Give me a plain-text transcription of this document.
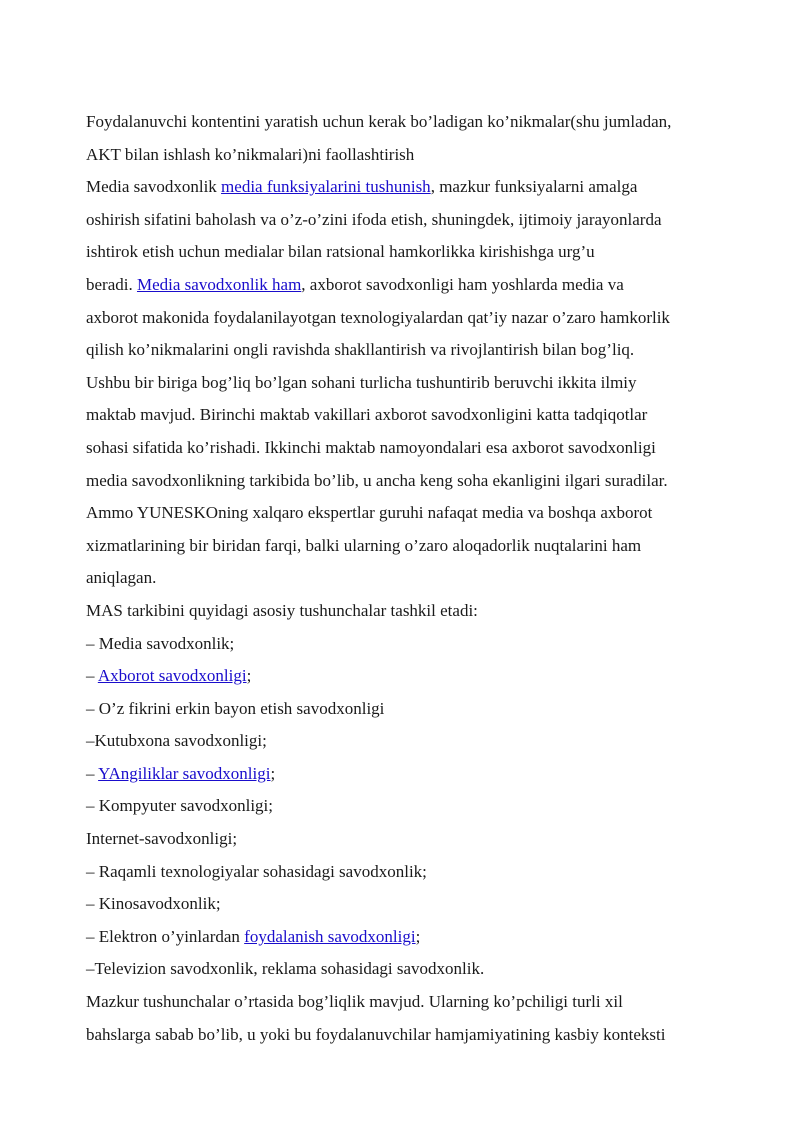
Foydalanuvchi kontentini yaratish uchun kerak bo’ladigan ko’nikmalar(shu jumladan,
AKT bilan ishlash ko’nikmalari)ni faollashtirish
Media savodxonlik media funksiyalarini tushunish, mazkur funksiyalarni amalga
oshirish sifatini baholash va o’z-o’zini ifoda etish, shuningdek, ijtimoiy jarayonlarda
ishtirok etish uchun medialar bilan ratsional hamkorlikka kirishishga urg’u
beradi. Media savodxonlik ham, axborot savodxonligi ham yoshlarda media va
axborot makonida foydalanilayotgan texnologiyalardan qat’iy nazar o’zaro hamkorlik
qilish ko’nikmalarini ongli ravishda shakllantirish va rivojlantirish bilan bog’liq.
Ushbu bir biriga bog’liq bo’lgan sohani turlicha tushuntirib beruvchi ikkita ilmiy
maktab mavjud. Birinchi maktab vakillari axborot savodxonligini katta tadqiqotlar
sohasi sifatida ko’rishadi. Ikkinchi maktab namoyondalari esa axborot savodxonligi
media savodxonlikning tarkibida bo’lib, u ancha keng soha ekanligini ilgari suradilar.
Ammo YUNESKOning xalqaro ekspertlar guruhi nafaqat media va boshqa axborot
xizmatlarining bir biridan farqi, balki ularning o’zaro aloqadorlik nuqtalarini ham
aniqlagan.
MAS tarkibini quyidagi asosiy tushunchalar tashkil etadi:
– Media savodxonlik;
– Axborot savodxonligi;
– O’z fikrini erkin bayon etish savodxonligi
–Kutubxona savodxonligi;
– YAngiliklar savodxonligi;
– Kompyuter savodxonligi;
Internet-savodxonligi;
– Raqamli texnologiyalar sohasidagi savodxonlik;
– Kinosavodxonlik;
– Elektron o’yinlardan foydalanish savodxonligi;
–Televizion savodxonlik, reklama sohasidagi savodxonlik.
Mazkur tushunchalar o’rtasida bog’liqlik mavjud. Ularning ko’pchiligi turli xil
bahslarga sabab bo’lib, u yoki bu foydalanuvchilar hamjamiyatining kasbiy konteksti
